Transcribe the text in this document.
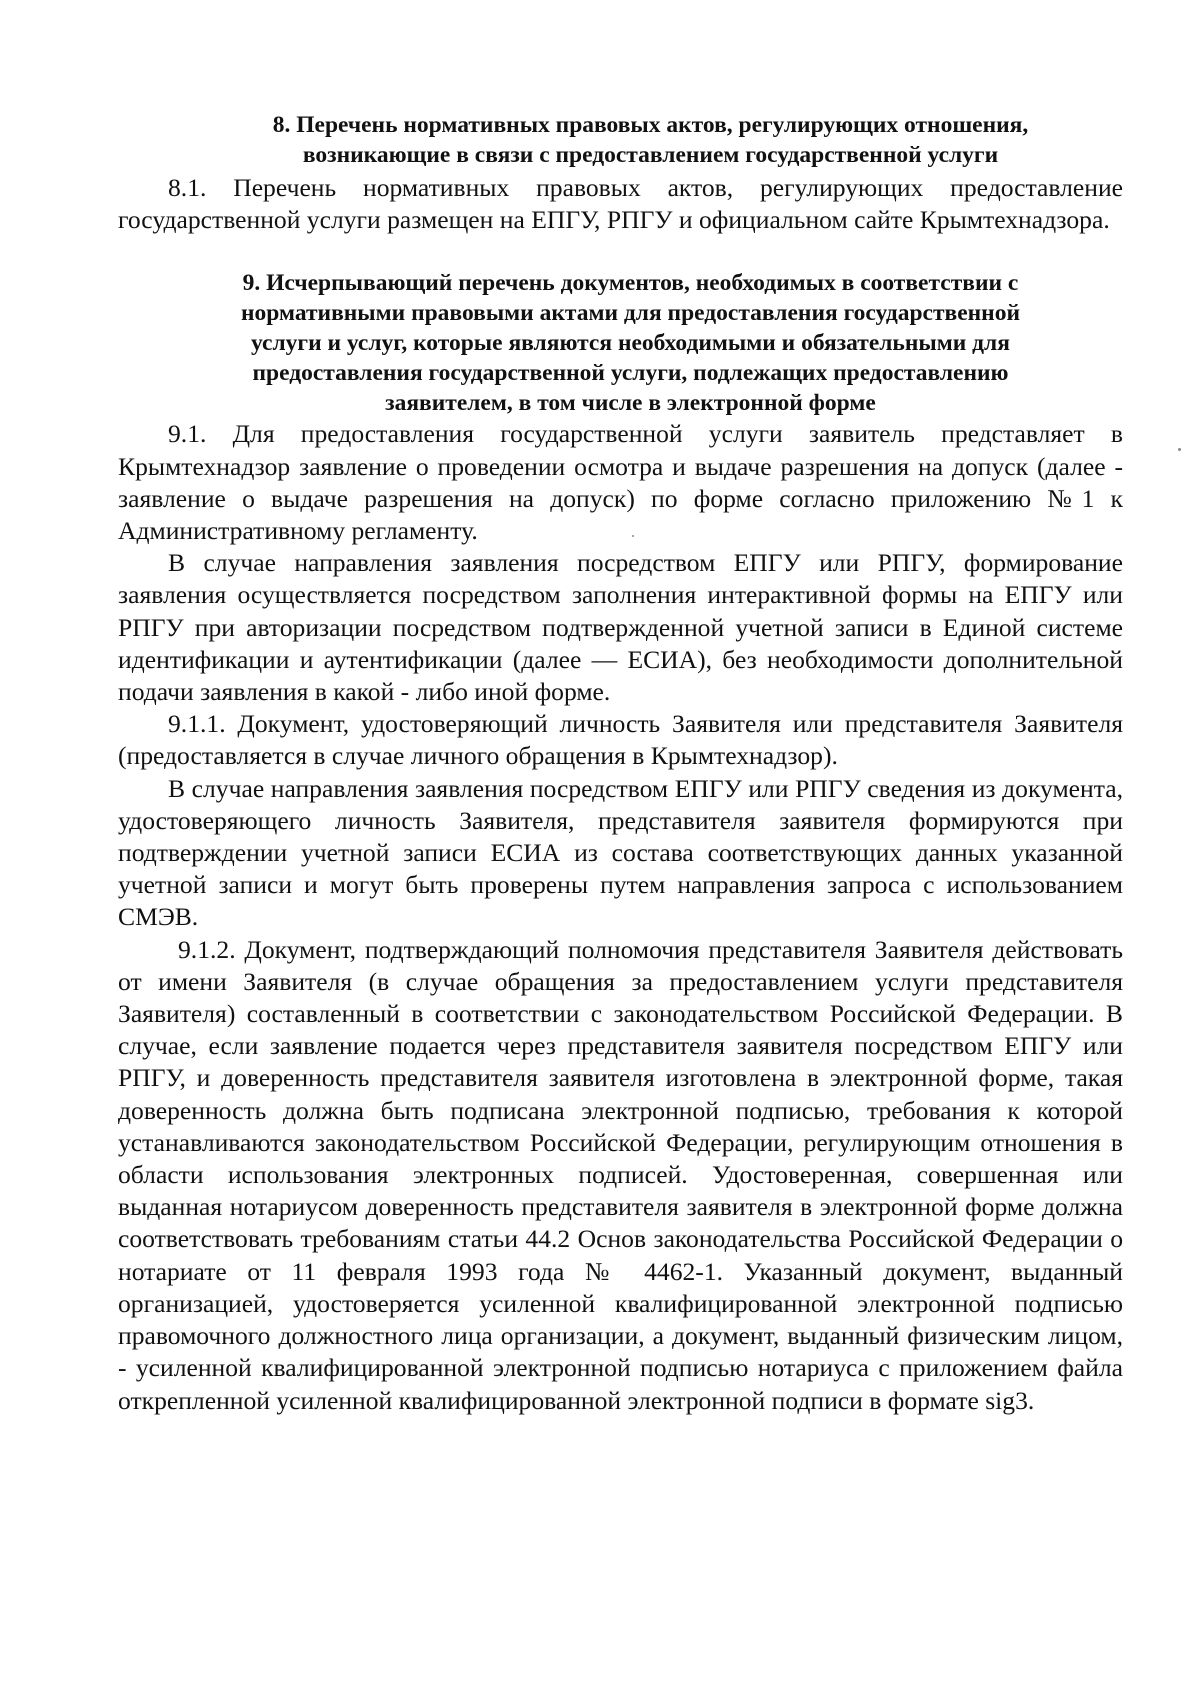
8. Перечень нормативных правовых актов, регулирующих отношения,
возникающие в связи с предоставлением государственной услуги

8.1. Перечень нормативных правовых актов, регулирующих предоставление государственной услуги размещен на ЕПГУ, РПГУ и официальном сайте Крымтехнадзора.

9. Исчерпывающий перечень документов, необходимых в соответствии с
нормативными правовыми актами для предоставления государственной
услуги и услуг, которые являются необходимыми и обязательными для
предоставления государственной услуги, подлежащих предоставлению
заявителем, в том числе в электронной форме

9.1. Для предоставления государственной услуги заявитель представляет в Крымтехнадзор заявление о проведении осмотра и выдаче разрешения на допуск (далее - заявление о выдаче разрешения на допуск) по форме согласно приложению №1 к Административному регламенту.

В случае направления заявления посредством ЕПГУ или РПГУ, формирование заявления осуществляется посредством заполнения интерактивной формы на ЕПГУ или РПГУ при авторизации посредством подтвержденной учетной записи в Единой системе идентификации и аутентификации (далее — ЕСИА), без необходимости дополнительной подачи заявления в какой - либо иной форме.

9.1.1. Документ, удостоверяющий личность Заявителя или представителя Заявителя (предоставляется в случае личного обращения в Крымтехнадзор).

В случае направления заявления посредством ЕПГУ или РПГУ сведения из документа, удостоверяющего личность Заявителя, представителя заявителя формируются при подтверждении учетной записи ЕСИА из состава соответствующих данных указанной учетной записи и могут быть проверены путем направления запроса с использованием СМЭВ.

9.1.2. Документ, подтверждающий полномочия представителя Заявителя действовать от имени Заявителя (в случае обращения за предоставлением услуги представителя Заявителя) составленный в соответствии с законодательством Российской Федерации. В случае, если заявление подается через представителя заявителя посредством ЕПГУ или РПГУ, и доверенность представителя заявителя изготовлена в электронной форме, такая доверенность должна быть подписана электронной подписью, требования к которой устанавливаются законодательством Российской Федерации, регулирующим отношения в области использования электронных подписей. Удостоверенная, совершенная или выданная нотариусом доверенность представителя заявителя в электронной форме должна соответствовать требованиям статьи 44.2 Основ законодательства Российской Федерации о нотариате от 11 февраля 1993 года № 4462-1. Указанный документ, выданный организацией, удостоверяется усиленной квалифицированной электронной подписью правомочного должностного лица организации, а документ, выданный физическим лицом, - усиленной квалифицированной электронной подписью нотариуса с приложением файла открепленной усиленной квалифицированной электронной подписи в формате sig3.
